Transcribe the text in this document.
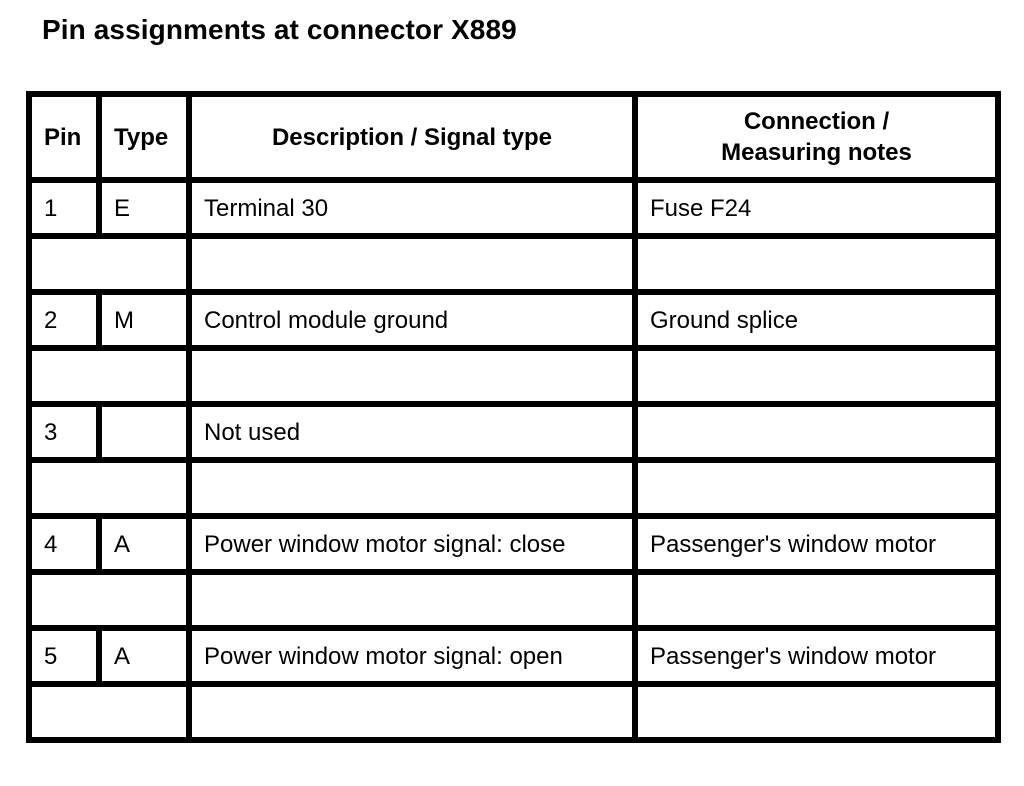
Pin assignments at connector X889
Pin	Type	Description / Signal type	Connection /
Measuring notes

1	E	Terminal 30	Fuse F24

2	M	Control module ground	Ground splice

3		Not used	

4	A	Power window motor signal: close	Passenger's window motor

5	A	Power window motor signal: open	Passenger's window motor
